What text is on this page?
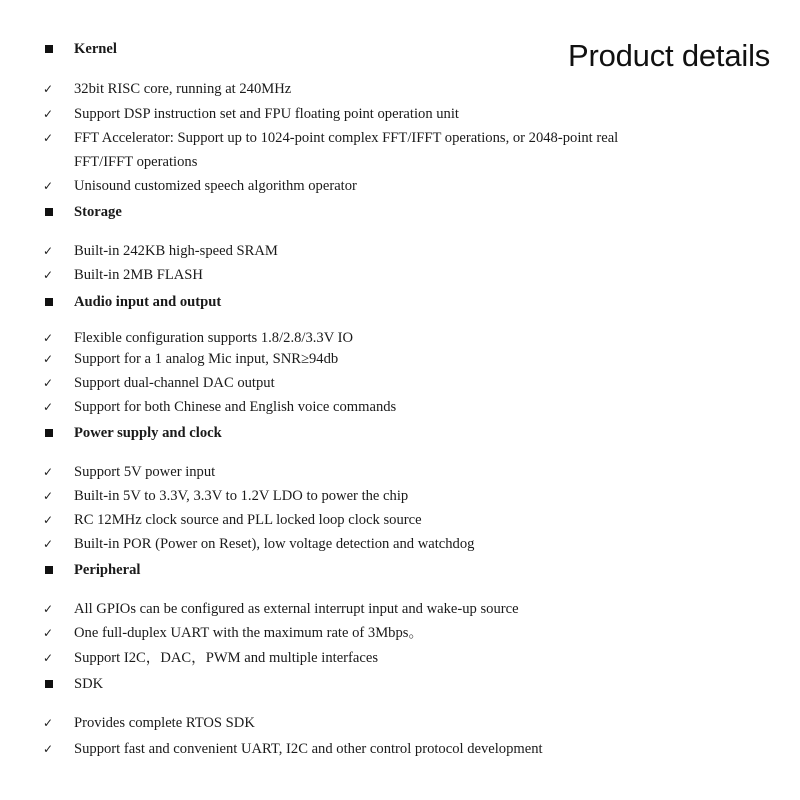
Product details
Kernel
✓ 32bit RISC core, running at 240MHz
✓ Support DSP instruction set and FPU floating point operation unit
✓ FFT Accelerator: Support up to 1024-point complex FFT/IFFT operations, or 2048-point real
FFT/IFFT operations
✓ Unisound customized speech algorithm operator
Storage
✓ Built-in 242KB high-speed SRAM
✓ Built-in 2MB FLASH
Audio input and output
✓ Flexible configuration supports 1.8/2.8/3.3V IO
✓ Support for a 1 analog Mic input, SNR≥94db
✓ Support dual-channel DAC output
✓ Support for both Chinese and English voice commands
Power supply and clock
✓ Support 5V power input
✓ Built-in 5V to 3.3V, 3.3V to 1.2V LDO to power the chip
✓ RC 12MHz clock source and PLL locked loop clock source
✓ Built-in POR (Power on Reset), low voltage detection and watchdog
Peripheral
✓ All GPIOs can be configured as external interrupt input and wake-up source
✓ One full-duplex UART with the maximum rate of 3Mbps。
✓ Support I2C，DAC，PWM and multiple interfaces
SDK
✓ Provides complete RTOS SDK
✓ Support fast and convenient UART, I2C and other control protocol development
